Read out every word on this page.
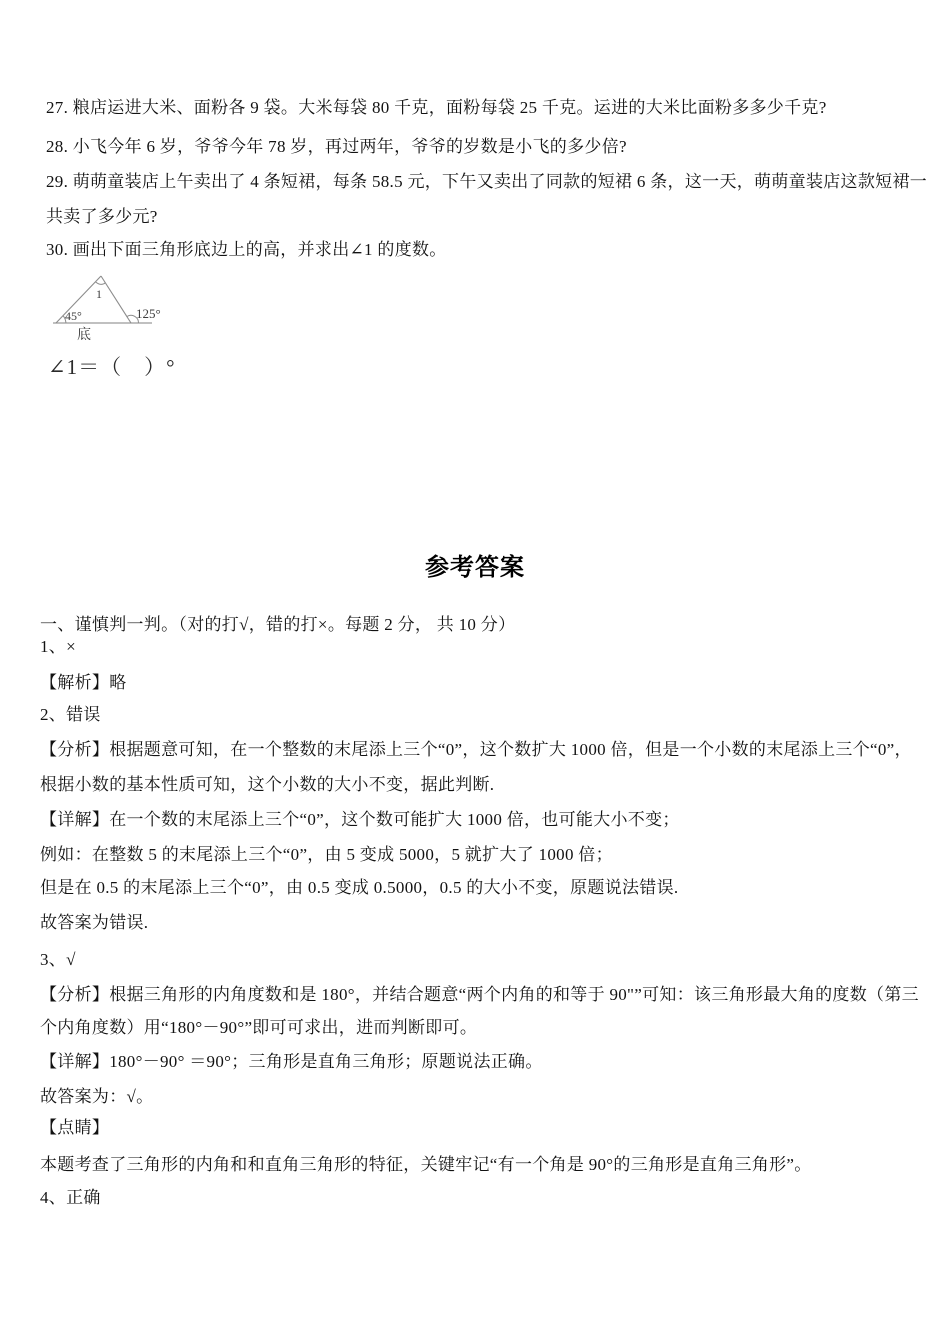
27. 粮店运进大米、面粉各 9 袋。大米每袋 80 千克，面粉每袋 25 千克。运进的大米比面粉多多少千克?
28. 小飞今年 6 岁，爷爷今年 78 岁，再过两年，爷爷的岁数是小飞的多少倍?
29. 萌萌童装店上午卖出了 4 条短裙，每条 58.5 元，下午又卖出了同款的短裙 6 条，这一天，萌萌童装店这款短裙一
共卖了多少元?
30. 画出下面三角形底边上的高，并求出∠1 的度数。
1
45°	125°
底
∠1＝（　）°
参考答案
一、谨慎判一判。（对的打√，错的打×。每题 2 分， 共 10 分）
1、×
【解析】略
2、错误
【分析】根据题意可知，在一个整数的末尾添上三个“0”，这个数扩大 1000 倍，但是一个小数的末尾添上三个“0”，
根据小数的基本性质可知，这个小数的大小不变，据此判断.
【详解】在一个数的末尾添上三个“0”，这个数可能扩大 1000 倍，也可能大小不变；
例如：在整数 5 的末尾添上三个“0”，由 5 变成 5000，5 就扩大了 1000 倍；
但是在 0.5 的末尾添上三个“0”，由 0.5 变成 0.5000，0.5 的大小不变，原题说法错误.
故答案为错误.
3、√
【分析】根据三角形的内角度数和是 180°，并结合题意“两个内角的和等于 90"”可知：该三角形最大角的度数（第三
个内角度数）用“180°－90°”即可可求出，进而判断即可。
【详解】180°－90° ＝90°；三角形是直角三角形；原题说法正确。
故答案为：√。
【点睛】
本题考查了三角形的内角和和直角三角形的特征，关键牢记“有一个角是 90°的三角形是直角三角形”。
4、正确
